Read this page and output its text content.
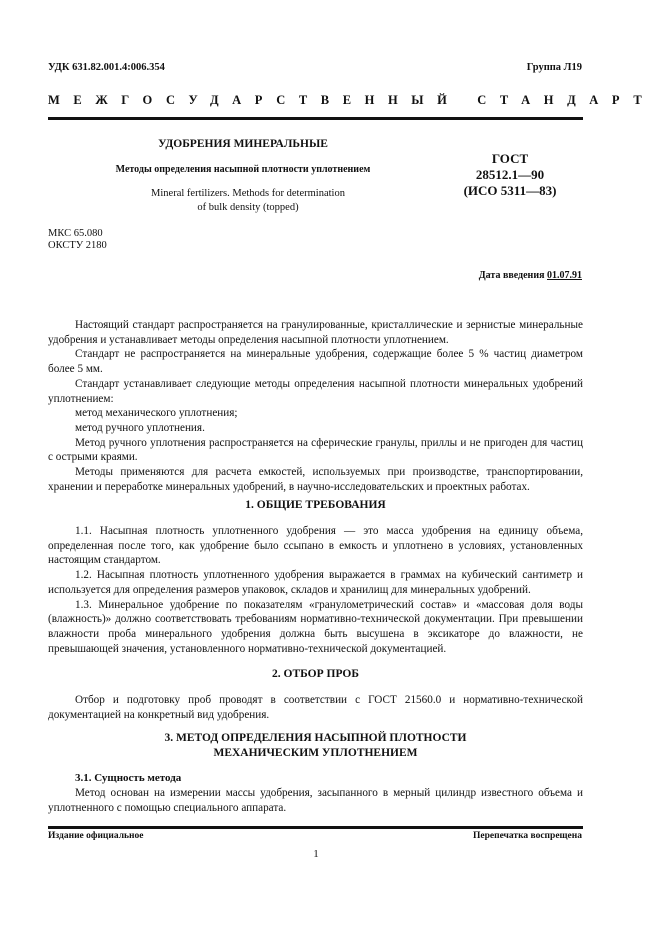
УДК 631.82.001.4:006.354	Группа Л19
МЕЖГОСУДАРСТВЕННЫЙ СТАНДАРТ
УДОБРЕНИЯ МИНЕРАЛЬНЫЕ
Методы определения насыпной плотности уплотнением
Mineral fertilizers. Methods for determination
of bulk density (topped)
ГОСТ
28512.1—90
(ИСО 5311—83)
МКС 65.080
ОКСТУ 2180
Дата введения 01.07.91

Настоящий стандарт распространяется на гранулированные, кристаллические и зернистые минеральные удобрения и устанавливает методы определения насыпной плотности уплотнением.

Стандарт не распространяется на минеральные удобрения, содержащие более 5 % частиц диаметром более 5 мм.

Стандарт устанавливает следующие методы определения насыпной плотности минеральных удобрений уплотнением:

метод механического уплотнения;

метод ручного уплотнения.

Метод ручного уплотнения распространяется на сферические гранулы, приллы и не пригоден для частиц с острыми краями.

Методы применяются для расчета емкостей, используемых при производстве, транспортировании, хранении и переработке минеральных удобрений, в научно-исследовательских и проектных работах.

1. ОБЩИЕ ТРЕБОВАНИЯ

1.1. Насыпная плотность уплотненного удобрения — это масса удобрения на единицу объема, определенная после того, как удобрение было ссыпано в емкость и уплотнено в условиях, установленных настоящим стандартом.

1.2. Насыпная плотность уплотненного удобрения выражается в граммах на кубический сантиметр и используется для определения размеров упаковок, складов и хранилищ для минеральных удобрений.

1.3. Минеральное удобрение по показателям «гранулометрический состав» и «массовая доля воды (влажность)» должно соответствовать требованиям нормативно-технической документации. При превышении влажности проба минерального удобрения должна быть высушена в эксикаторе до влажности, не превышающей значения, установленного нормативно-технической документацией.

2. ОТБОР ПРОБ

Отбор и подготовку проб проводят в соответствии с ГОСТ 21560.0 и нормативно-технической документацией на конкретный вид удобрения.

3. МЕТОД ОПРЕДЕЛЕНИЯ НАСЫПНОЙ ПЛОТНОСТИ
МЕХАНИЧЕСКИМ УПЛОТНЕНИЕМ
3.1. Сущность метода

Метод основан на измерении массы удобрения, засыпанного в мерный цилиндр известного объема и уплотненного с помощью специального аппарата.

Издание официальное	Перепечатка воспрещена
1
